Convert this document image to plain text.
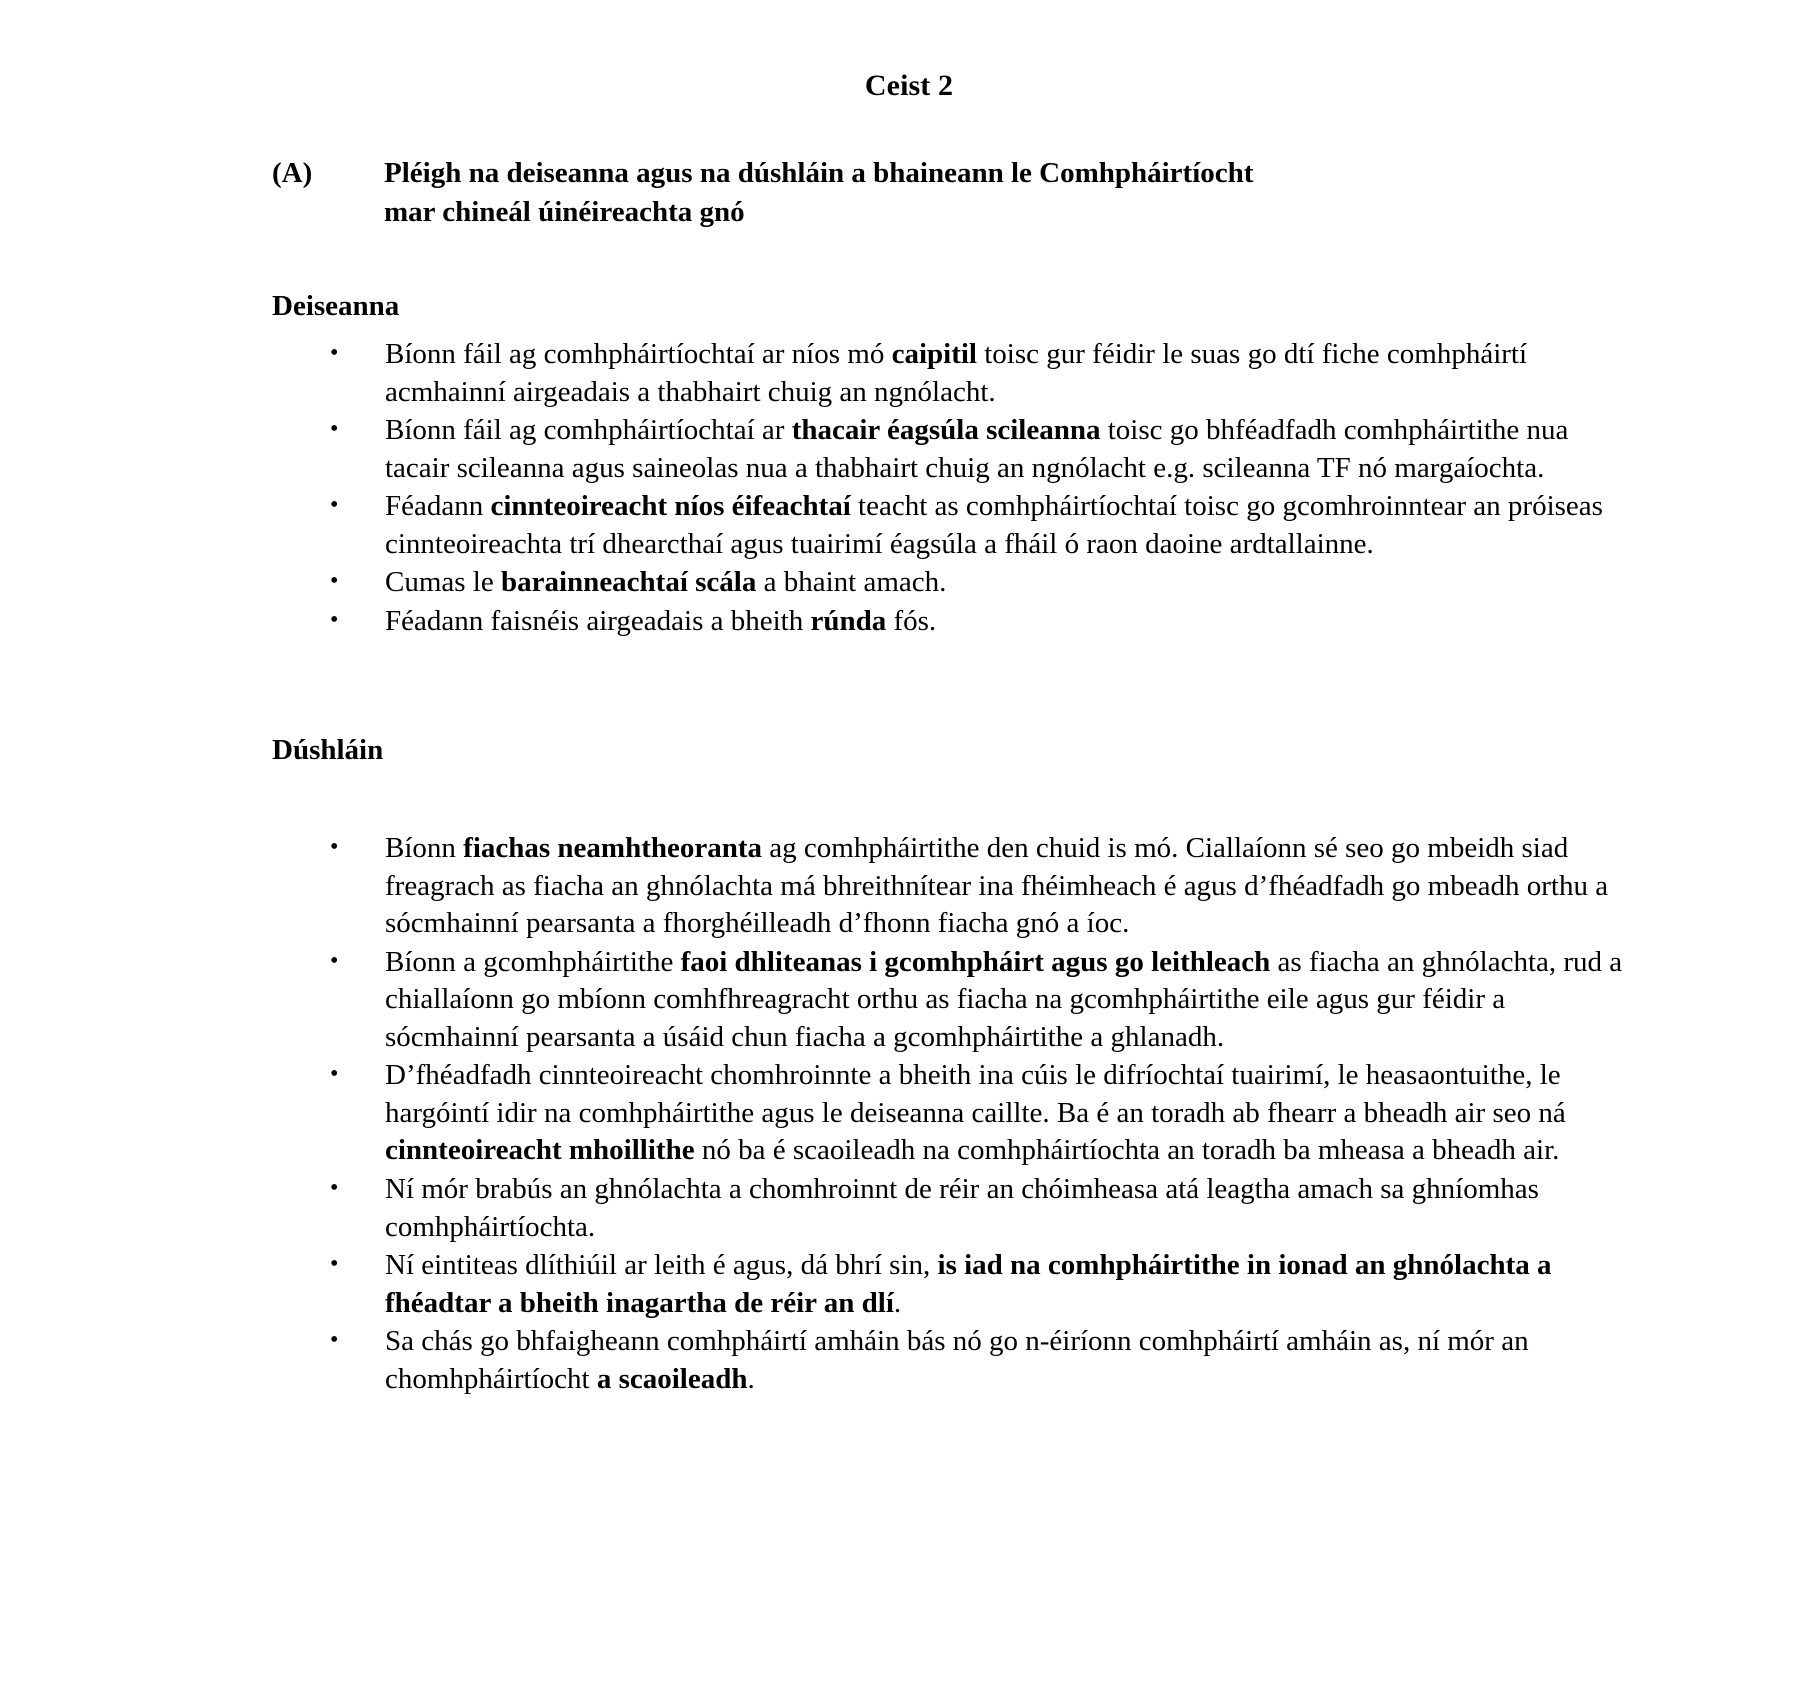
Ceist 2
(A)	Pléigh na deiseanna agus na dúshláin a bhaineann le Comhpháirtíocht
mar chineál úinéireachta gnó
Deiseanna
• Bíonn fáil ag comhpháirtíochtaí ar níos mó caipitil toisc gur féidir le suas go dtí fiche comhpháirtí acmhainní airgeadais a thabhairt chuig an ngnólacht.
• Bíonn fáil ag comhpháirtíochtaí ar thacair éagsúla scileanna toisc go bhféadfadh comhpháirtithe nua tacair scileanna agus saineolas nua a thabhairt chuig an ngnólacht e.g. scileanna TF nó margaíochta.
• Féadann cinnteoireacht níos éifeachtaí teacht as comhpháirtíochtaí toisc go gcomhroinntear an próiseas cinnteoireachta trí dhearcthaí agus tuairimí éagsúla a fháil ó raon daoine ardtallainne.
• Cumas le barainneachtaí scála a bhaint amach.
• Féadann faisnéis airgeadais a bheith rúnda fós.
Dúshláin
• Bíonn fiachas neamhtheoranta ag comhpháirtithe den chuid is mó. Ciallaíonn sé seo go mbeidh siad freagrach as fiacha an ghnólachta má bhreithnítear ina fhéimheach é agus d’fhéadfadh go mbeadh orthu a sócmhainní pearsanta a fhorghéilleadh d’fhonn fiacha gnó a íoc.
• Bíonn a gcomhpháirtithe faoi dhliteanas i gcomhpháirt agus go leithleach as fiacha an ghnólachta, rud a chiallaíonn go mbíonn comhfhreagracht orthu as fiacha na gcomhpháirtithe eile agus gur féidir a sócmhainní pearsanta a úsáid chun fiacha a gcomhpháirtithe a ghlanadh.
• D’fhéadfadh cinnteoireacht chomhroinnte a bheith ina cúis le difríochtaí tuairimí, le heasaontuithe, le hargóintí idir na comhpháirtithe agus le deiseanna caillte. Ba é an toradh ab fhearr a bheadh air seo ná cinnteoireacht mhoillithe nó ba é scaoileadh na comhpháirtíochta an toradh ba mheasa a bheadh air.
• Ní mór brabús an ghnólachta a chomhroinnt de réir an chóimheasa atá leagtha amach sa ghníomhas comhpháirtíochta.
• Ní eintiteas dlíthiúil ar leith é agus, dá bhrí sin, is iad na comhpháirtithe in ionad an ghnólachta a fhéadtar a bheith inagartha de réir an dlí.
• Sa chás go bhfaigheann comhpháirtí amháin bás nó go n-éiríonn comhpháirtí amháin as, ní mór an chomhpháirtíocht a scaoileadh.
